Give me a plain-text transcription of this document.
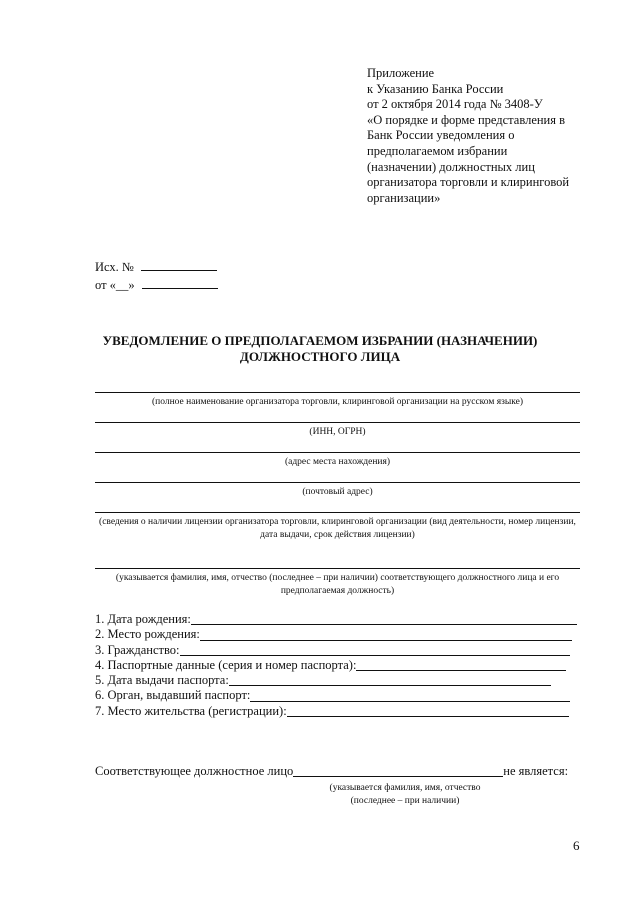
Приложение
к Указанию Банка России
от 2 октября 2014 года № 3408-У
«О порядке и форме представления в
Банк России уведомления о
предполагаемом избрании
(назначении) должностных лиц
организатора торговли и клиринговой
организации»
Исх. №
от «__»
УВЕДОМЛЕНИЕ О ПРЕДПОЛАГАЕМОМ ИЗБРАНИИ (НАЗНАЧЕНИИ)
ДОЛЖНОСТНОГО ЛИЦА
(полное наименование организатора торговли, клиринговой организации на русском языке)
(ИНН, ОГРН)
(адрес места нахождения)
(почтовый адрес)
(сведения о наличии лицензии организатора торговли, клиринговой организации (вид деятельности, номер лицензии, дата выдачи, срок действия лицензии)
(указывается фамилия, имя, отчество (последнее – при наличии) соответствующего должностного лица и его предполагаемая должность)
1. Дата рождения:
2. Место рождения:
3. Гражданство:
4. Паспортные данные (серия и номер паспорта):
5. Дата выдачи паспорта:
6. Орган, выдавший паспорт:
7. Место жительства (регистрации):
Соответствующее должностное лицо	не является:
(указывается фамилия, имя, отчество
(последнее – при наличии)
6
